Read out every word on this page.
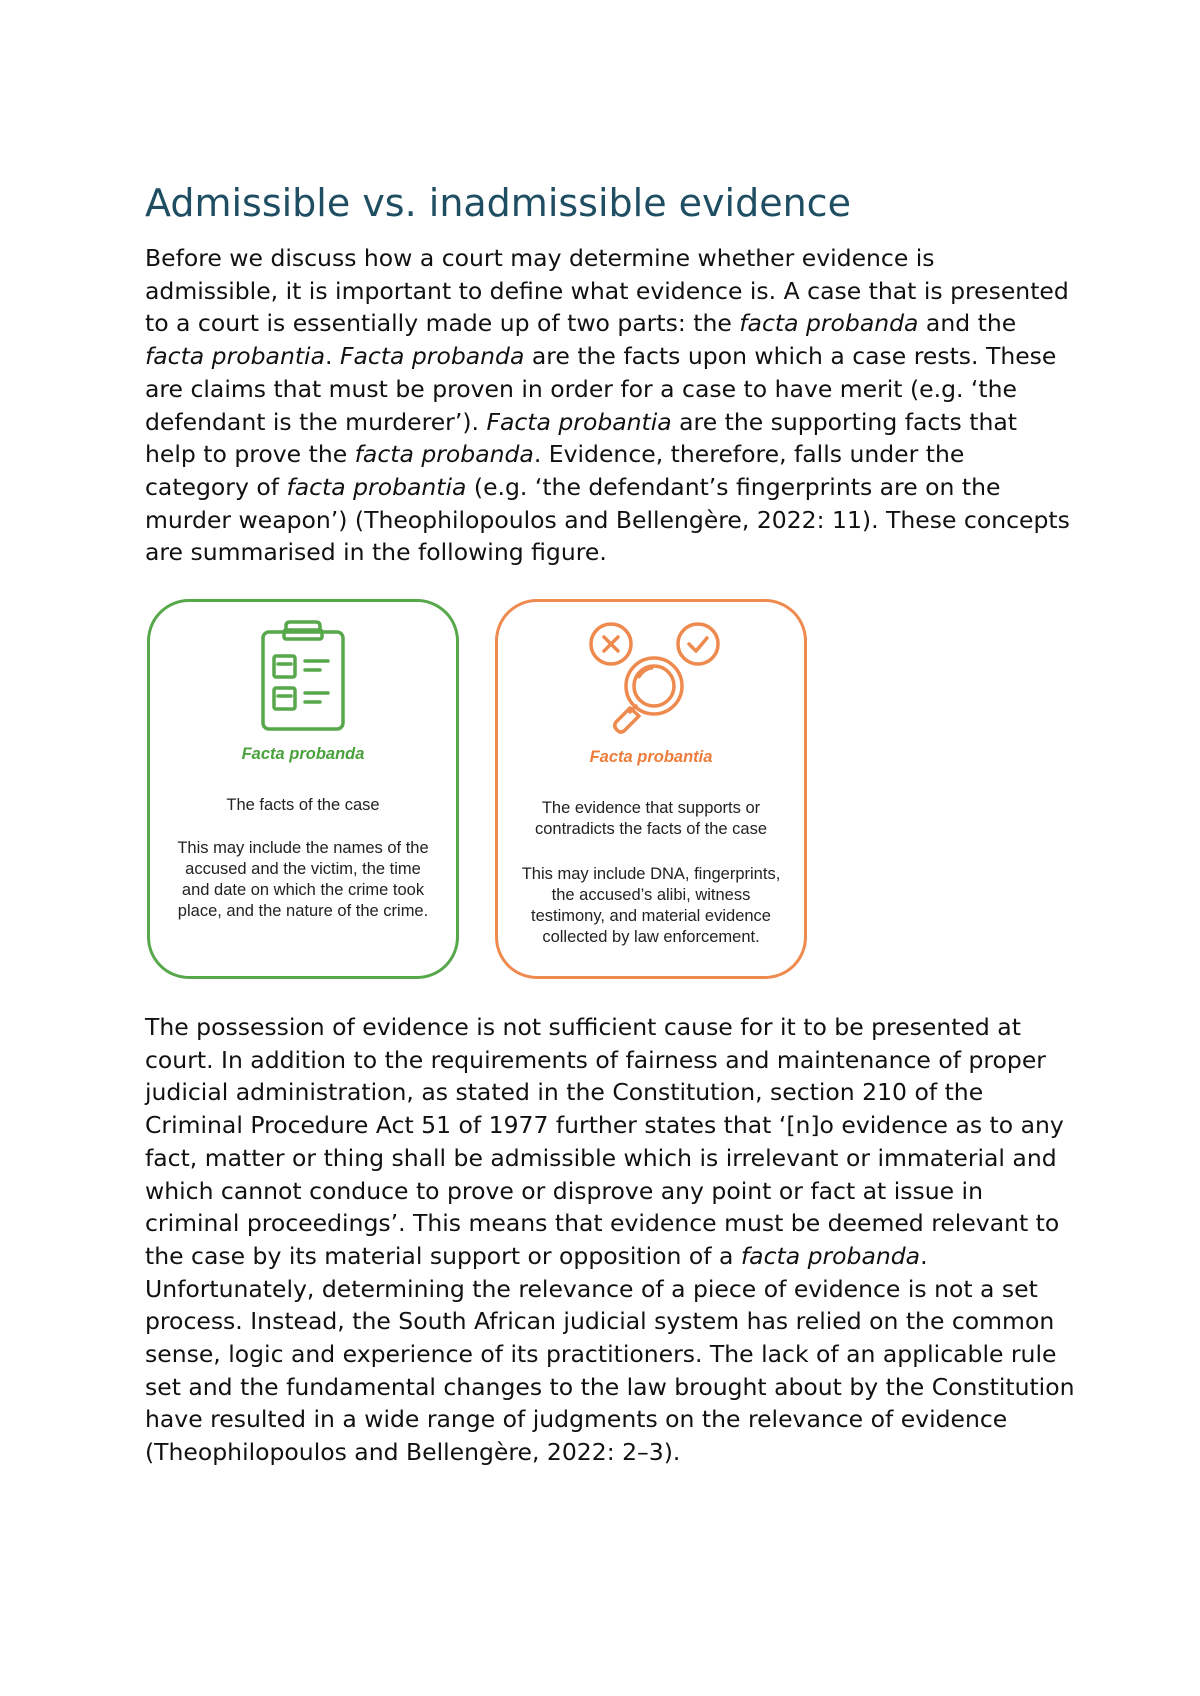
Admissible vs. inadmissible evidence

Before we discuss how a court may determine whether evidence is admissible, it is important to define what evidence is. A case that is presented to a court is essentially made up of two parts: the facta probanda and the facta probantia. Facta probanda are the facts upon which a case rests. These are claims that must be proven in order for a case to have merit (e.g. ‘the defendant is the murderer’). Facta probantia are the supporting facts that help to prove the facta probanda. Evidence, therefore, falls under the category of facta probantia (e.g. ‘the defendant’s fingerprints are on the murder weapon’) (Theophilopoulos and Bellengère, 2022: 11). These concepts are summarised in the following figure.

Facta probanda
The facts of the case
This may include the names of the accused and the victim, the time and date on which the crime took place, and the nature of the crime.
Facta probantia
The evidence that supports or contradicts the facts of the case
This may include DNA, fingerprints, the accused’s alibi, witness testimony, and material evidence collected by law enforcement.

The possession of evidence is not sufficient cause for it to be presented at court. In addition to the requirements of fairness and maintenance of proper judicial administration, as stated in the Constitution, section 210 of the Criminal Procedure Act 51 of 1977 further states that ‘[n]o evidence as to any fact, matter or thing shall be admissible which is irrelevant or immaterial and which cannot conduce to prove or disprove any point or fact at issue in criminal proceedings’. This means that evidence must be deemed relevant to the case by its material support or opposition of a facta probanda. Unfortunately, determining the relevance of a piece of evidence is not a set process. Instead, the South African judicial system has relied on the common sense, logic and experience of its practitioners. The lack of an applicable rule set and the fundamental changes to the law brought about by the Constitution have resulted in a wide range of judgments on the relevance of evidence (Theophilopoulos and Bellengère, 2022: 2–3).
